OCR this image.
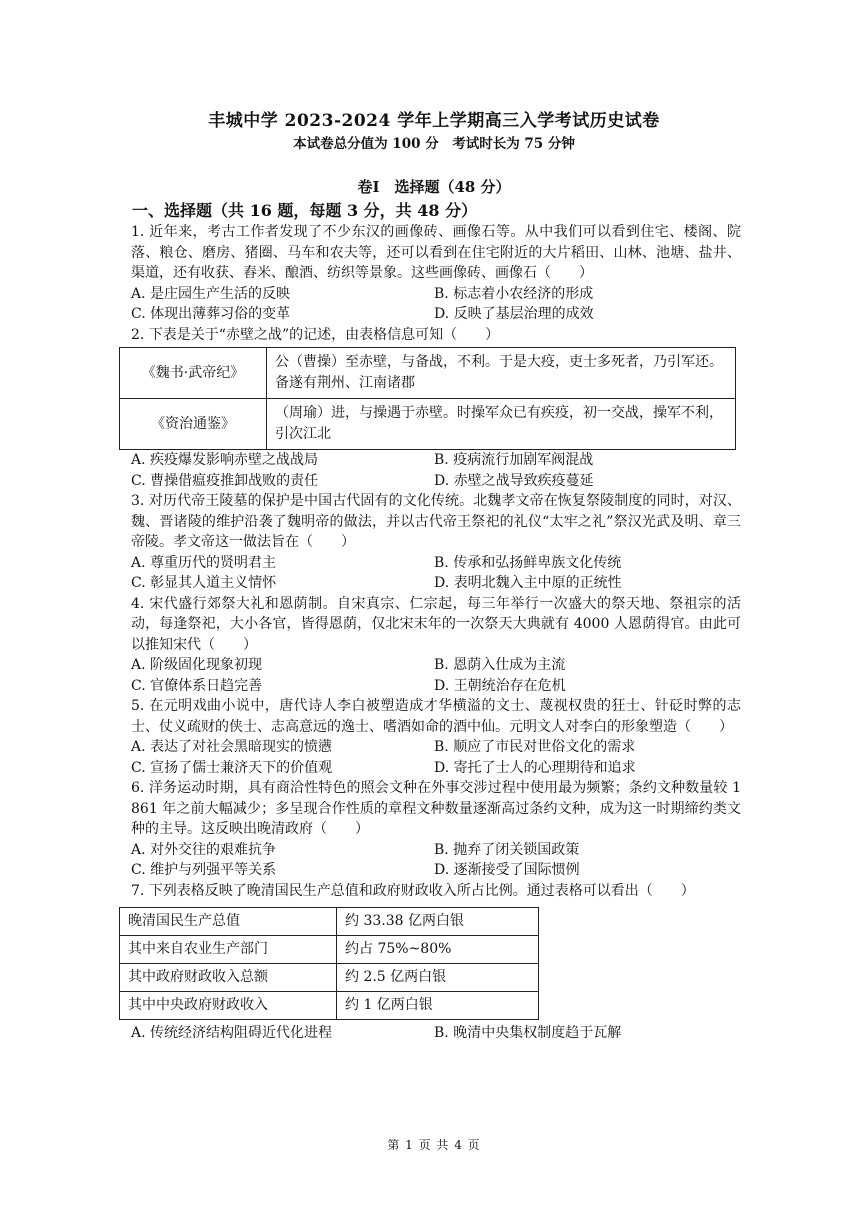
丰城中学 2023-2024 学年上学期高三入学考试历史试卷
本试卷总分值为 100 分　考试时长为 75 分钟
卷Ⅰ　选择题（48 分）
一、选择题（共 16 题，每题 3 分，共 48 分）

1. 近年来，考古工作者发现了不少东汉的画像砖、画像石等。从中我们可以看到住宅、楼阁、院落、粮仓、磨房、猪圈、马车和农夫等，还可以看到在住宅附近的大片稻田、山林、池塘、盐井、渠道，还有收获、舂米、酿酒、纺织等景象。这些画像砖、画像石（　　）

A. 是庄园生产生活的反映	B. 标志着小农经济的形成
C. 体现出薄葬习俗的变革	D. 反映了基层治理的成效

2. 下表是关于“赤壁之战”的记述，由表格信息可知（　　）

《魏书·武帝纪》	公（曹操）至赤壁，与备战，不利。于是大疫，吏士多死者，乃引军还。备遂有荆州、江南诸郡
《资治通鉴》	（周瑜）进，与操遇于赤壁。时操军众已有疾疫，初一交战，操军不利，引次江北
A. 疾疫爆发影响赤壁之战战局	B. 疫病流行加剧军阀混战
C. 曹操借瘟疫推卸战败的责任	D. 赤壁之战导致疾疫蔓延

3. 对历代帝王陵墓的保护是中国古代固有的文化传统。北魏孝文帝在恢复祭陵制度的同时，对汉、魏、晋诸陵的维护沿袭了魏明帝的做法，并以古代帝王祭祀的礼仪“太牢之礼”祭汉光武及明、章三帝陵。孝文帝这一做法旨在（　　）

A. 尊重历代的贤明君主	B. 传承和弘扬鲜卑族文化传统
C. 彰显其人道主义情怀	D. 表明北魏入主中原的正统性

4. 宋代盛行郊祭大礼和恩荫制。自宋真宗、仁宗起，每三年举行一次盛大的祭天地、祭祖宗的活动，每逢祭祀，大小各官，皆得恩荫，仅北宋末年的一次祭天大典就有 4000 人恩荫得官。由此可以推知宋代（　　）

A. 阶级固化现象初现	B. 恩荫入仕成为主流
C. 官僚体系日趋完善	D. 王朝统治存在危机

5. 在元明戏曲小说中，唐代诗人李白被塑造成才华横溢的文士、蔑视权贵的狂士、针砭时弊的志士、仗义疏财的侠士、志高意远的逸士、嗜酒如命的酒中仙。元明文人对李白的形象塑造（　　）

A. 表达了对社会黑暗现实的愤懑	B. 顺应了市民对世俗文化的需求
C. 宣扬了儒士兼济天下的价值观	D. 寄托了士人的心理期待和追求

6. 洋务运动时期，具有商洽性特色的照会文种在外事交涉过程中使用最为频繁；条约文种数量较 1861 年之前大幅减少；多呈现合作性质的章程文种数量逐渐高过条约文种，成为这一时期缔约类文种的主导。这反映出晚清政府（　　）

A. 对外交往的艰难抗争	B. 抛弃了闭关锁国政策
C. 维护与列强平等关系	D. 逐渐接受了国际惯例

7. 下列表格反映了晚清国民生产总值和政府财政收入所占比例。通过表格可以看出（　　）

晚清国民生产总值	约 33.38 亿两白银
其中来自农业生产部门	约占 75%~80%
其中政府财政收入总额	约 2.5 亿两白银
其中中央政府财政收入	约 1 亿两白银
A. 传统经济结构阻碍近代化进程	B. 晚清中央集权制度趋于瓦解
第 1 页 共 4 页
